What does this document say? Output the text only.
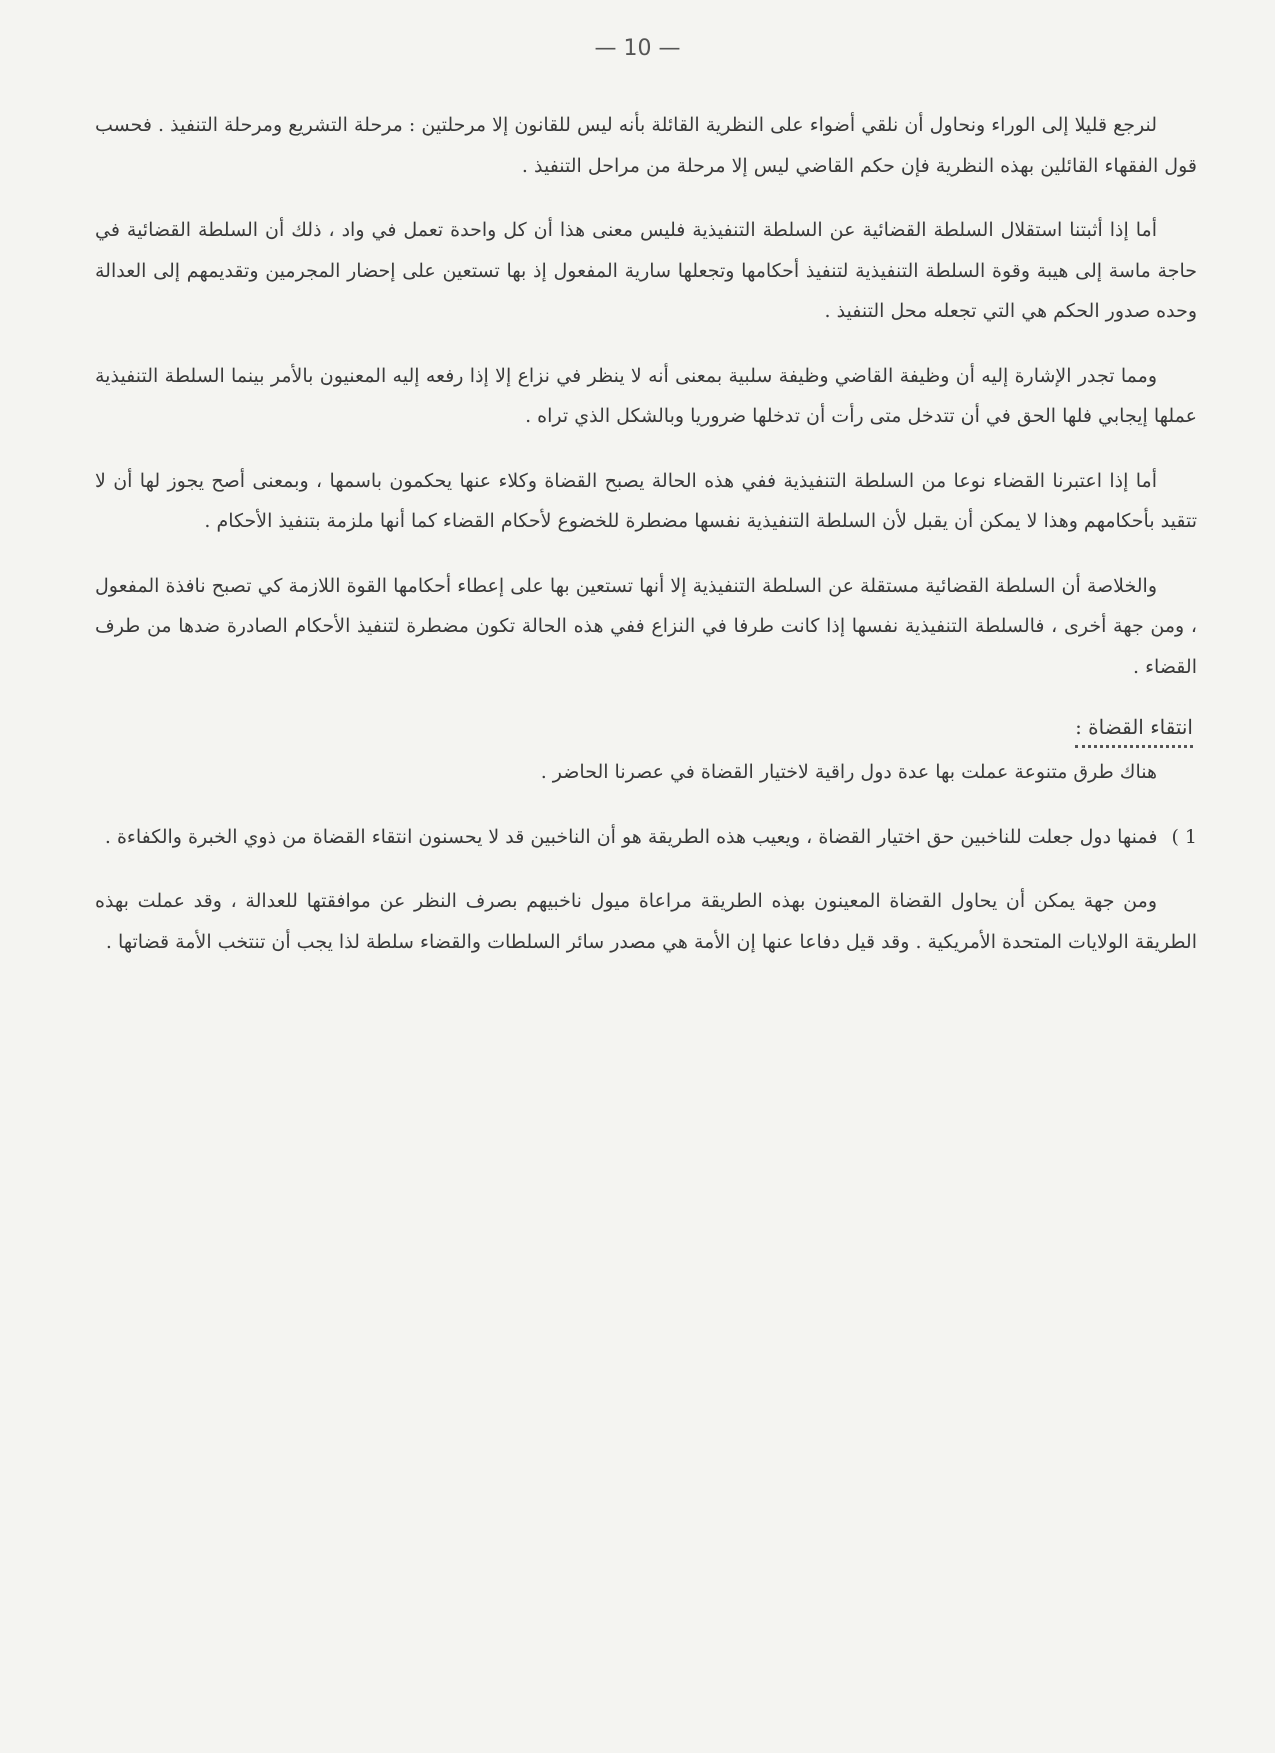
— 10 —

لنرجع قليلا إلى الوراء ونحاول أن نلقي أضواء على النظرية القائلة بأنه ليس للقانون إلا مرحلتين : مرحلة التشريع ومرحلة التنفيذ . فحسب قول الفقهاء القائلين بهذه النظرية فإن حكم القاضي ليس إلا مرحلة من مراحل التنفيذ .

أما إذا أثبتنا استقلال السلطة القضائية عن السلطة التنفيذية فليس معنى هذا أن كل واحدة تعمل في واد ، ذلك أن السلطة القضائية في حاجة ماسة إلى هيبة وقوة السلطة التنفيذية لتنفيذ أحكامها وتجعلها سارية المفعول إذ بها تستعين على إحضار المجرمين وتقديمهم إلى العدالة وحده صدور الحكم هي التي تجعله محل التنفيذ .

ومما تجدر الإشارة إليه أن وظيفة القاضي وظيفة سلبية بمعنى أنه لا ينظر في نزاع إلا إذا رفعه إليه المعنيون بالأمر بينما السلطة التنفيذية عملها إيجابي فلها الحق في أن تتدخل متى رأت أن تدخلها ضروريا وبالشكل الذي تراه .

أما إذا اعتبرنا القضاء نوعا من السلطة التنفيذية ففي هذه الحالة يصبح القضاة وكلاء عنها يحكمون باسمها ، وبمعنى أصح يجوز لها أن لا تتقيد بأحكامهم وهذا لا يمكن أن يقبل لأن السلطة التنفيذية نفسها مضطرة للخضوع لأحكام القضاء كما أنها ملزمة بتنفيذ الأحكام .

والخلاصة أن السلطة القضائية مستقلة عن السلطة التنفيذية إلا أنها تستعين بها على إعطاء أحكامها القوة اللازمة كي تصبح نافذة المفعول ، ومن جهة أخرى ، فالسلطة التنفيذية نفسها إذا كانت طرفا في النزاع ففي هذه الحالة تكون مضطرة لتنفيذ الأحكام الصادرة ضدها من طرف القضاء .

انتقاء القضاة :

هناك طرق متنوعة عملت بها عدة دول راقية لاختيار القضاة في عصرنا الحاضر .

1 )فمنها دول جعلت للناخبين حق اختيار القضاة ، ويعيب هذه الطريقة هو أن الناخبين قد لا يحسنون انتقاء القضاة من ذوي الخبرة والكفاءة .

ومن جهة يمكن أن يحاول القضاة المعينون بهذه الطريقة مراعاة ميول ناخبيهم بصرف النظر عن موافقتها للعدالة ، وقد عملت بهذه الطريقة الولايات المتحدة الأمريكية . وقد قيل دفاعا عنها إن الأمة هي مصدر سائر السلطات والقضاء سلطة لذا يجب أن تنتخب الأمة قضاتها .
